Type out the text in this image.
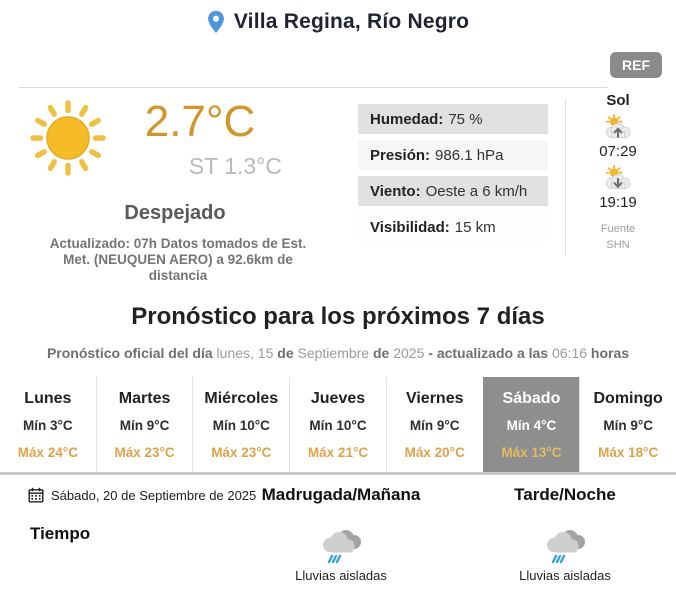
Villa Regina, Río Negro
REF
2.7°C
ST 1.3°C
Despejado
Actualizado: 07h Datos tomados de Est. Met. (NEUQUEN AERO) a 92.6km de distancia
Humedad: 75 %
Presión: 986.1 hPa
Viento: Oeste a 6 km/h
Visibilidad: 15 km
Sol
07:29
19:19
Fuente
SHN
Pronóstico para los próximos 7 días
Pronóstico oficial del día lunes, 15 de Septiembre de 2025 - actualizado a las 06:16 horas
Lunes
Mín 3°C
Máx 24°C
Martes
Mín 9°C
Máx 23°C
Miércoles
Mín 10°C
Máx 23°C
Jueves
Mín 10°C
Máx 21°C
Viernes
Mín 9°C
Máx 20°C
Sábado
Mín 4°C
Máx 13°C
Domingo
Mín 9°C
Máx 18°C
Sábado, 20 de Septiembre de 2025 Madrugada/Mañana	Tarde/Noche
Tiempo
Lluvias aisladas	Lluvias aisladas
